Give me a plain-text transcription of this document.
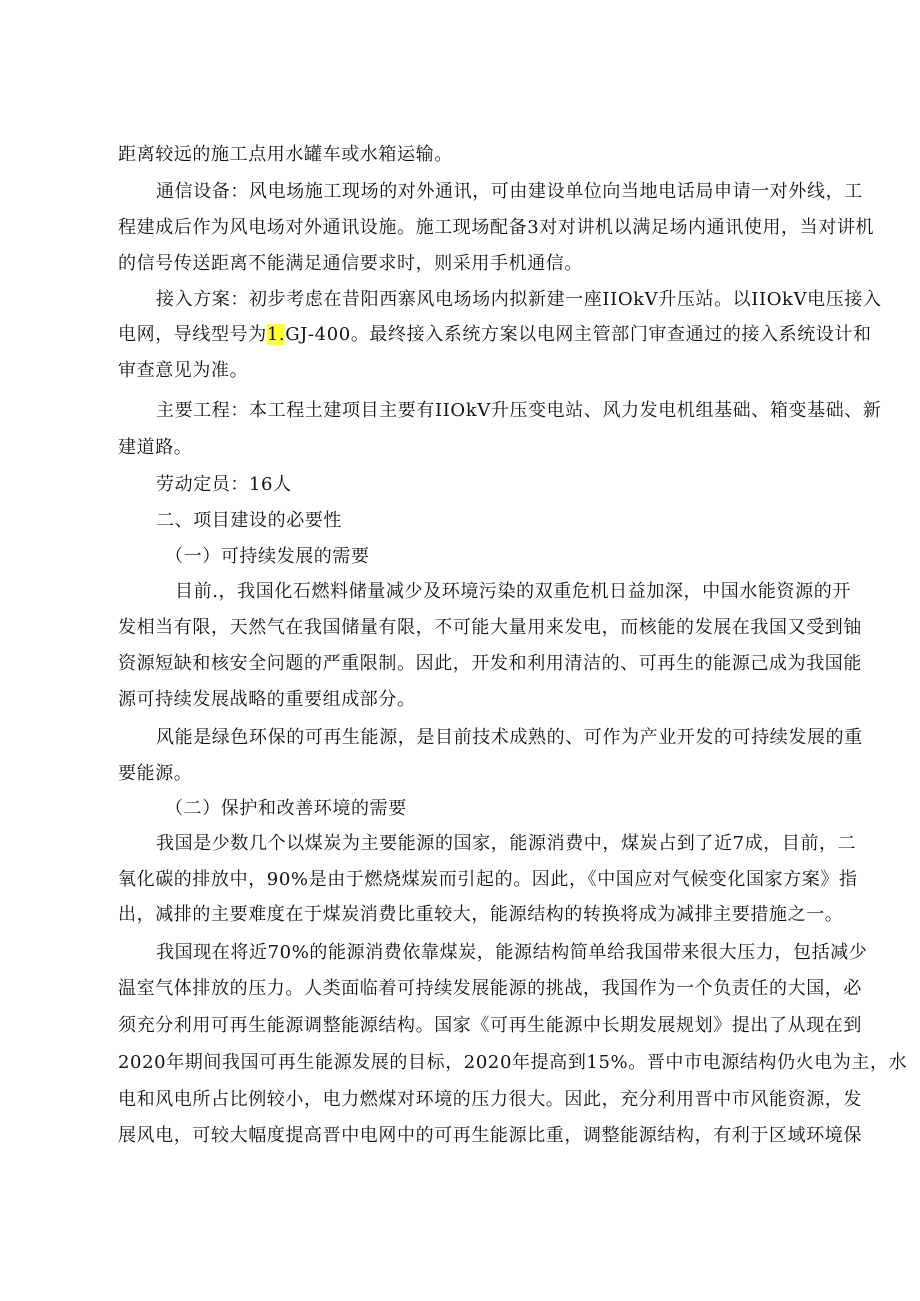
距离较远的施工点用水罐车或水箱运输。
通信设备：风电场施工现场的对外通讯，可由建设单位向当地电话局申请一对外线，工
程建成后作为风电场对外通讯设施。施工现场配备3对对讲机以满足场内通讯使用，当对讲机
的信号传送距离不能满足通信要求时，则采用手机通信。
接入方案：初步考虑在昔阳西寨风电场场内拟新建一座IIOkV升压站。以IIOkV电压接入
电网，导线型号为1.GJ-400。最终接入系统方案以电网主管部门审查通过的接入系统设计和
审查意见为准。
主要工程：本工程土建项目主要有IIOkV升压变电站、风力发电机组基础、箱变基础、新
建道路。
劳动定员：16人
二、项目建设的必要性
（一）可持续发展的需要
目前.，我国化石燃料储量减少及环境污染的双重危机日益加深，中国水能资源的开
发相当有限，天然气在我国储量有限，不可能大量用来发电，而核能的发展在我国又受到铀
资源短缺和核安全问题的严重限制。因此，开发和利用清洁的、可再生的能源己成为我国能
源可持续发展战略的重要组成部分。
风能是绿色环保的可再生能源，是目前技术成熟的、可作为产业开发的可持续发展的重
要能源。
（二）保护和改善环境的需要
我国是少数几个以煤炭为主要能源的国家，能源消费中，煤炭占到了近7成，目前，二
氧化碳的排放中，90%是由于燃烧煤炭而引起的。因此，《中国应对气候变化国家方案》指
出，减排的主要难度在于煤炭消费比重较大，能源结构的转换将成为减排主要措施之一。
我国现在将近70%的能源消费依靠煤炭，能源结构简单给我国带来很大压力，包括减少
温室气体排放的压力。人类面临着可持续发展能源的挑战，我国作为一个负责任的大国，必
须充分利用可再生能源调整能源结构。国家《可再生能源中长期发展规划》提出了从现在到
2020年期间我国可再生能源发展的目标，2020年提高到15%。晋中市电源结构仍火电为主，水
电和风电所占比例较小，电力燃煤对环境的压力很大。因此，充分利用晋中市风能资源，发
展风电，可较大幅度提高晋中电网中的可再生能源比重，调整能源结构，有利于区域环境保
